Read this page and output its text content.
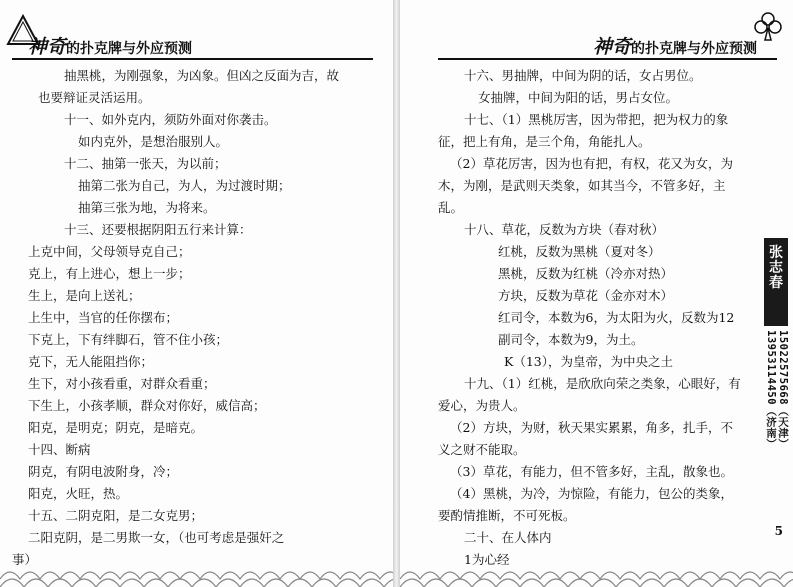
神奇的扑克牌与外应预测
抽黑桃，为刚强象，为凶象。但凶之反面为吉，故
也要辩证灵活运用。
十一、如外克内，须防外面对你袭击。
如内克外，是想治服别人。
十二、抽第一张天，为以前；
抽第二张为自己，为人，为过渡时期；
抽第三张为地，为将来。
十三、还要根据阴阳五行来计算：
上克中间，父母领导克自己；
克上，有上进心，想上一步；
生上，是向上送礼；
上生中，当官的任你摆布；
下克上，下有绊脚石，管不住小孩；
克下，无人能阻挡你；
生下，对小孩看重，对群众看重；
下生上，小孩孝顺，群众对你好，威信高；
阳克，是明克；阴克，是暗克。
十四、断病
阴克，有阴电波附身，冷；
阳克，火旺，热。
十五、二阴克阳，是二女克男；
二阳克阴，是二男欺一女，（也可考虑是强奸之
事）
神奇的扑克牌与外应预测
十六、男抽牌，中间为阴的话，女占男位。
女抽牌，中间为阳的话，男占女位。
十七、（1）黑桃厉害，因为带把，把为权力的象
征，把上有角，是三个角，角能扎人。
（2）草花厉害，因为也有把，有权，花又为女，为
木，为刚，是武则天类象，如其当今，不管多好，主
乱。
十八、草花，反数为方块（春对秋）
红桃，反数为黑桃（夏对冬）
黑桃，反数为红桃（冷亦对热）
方块，反数为草花（金亦对木）
红司令，本数为6，为太阳为火，反数为12
副司令，本数为9，为土。
K（13），为皇帝，为中央之土
十九、（1）红桃，是欣欣向荣之类象，心眼好，有
爱心，为贵人。
（2）方块，为财，秋天果实累累，角多，扎手，不
义之财不能取。
（3）草花，有能力，但不管多好，主乱，散象也。
（4）黑桃，为冷，为惊险，有能力，包公的类象，
要酌情推断，不可死板。
二十、在人体内
1为心经
张志春
13953114450（济南） 15022575668（天津）
5
